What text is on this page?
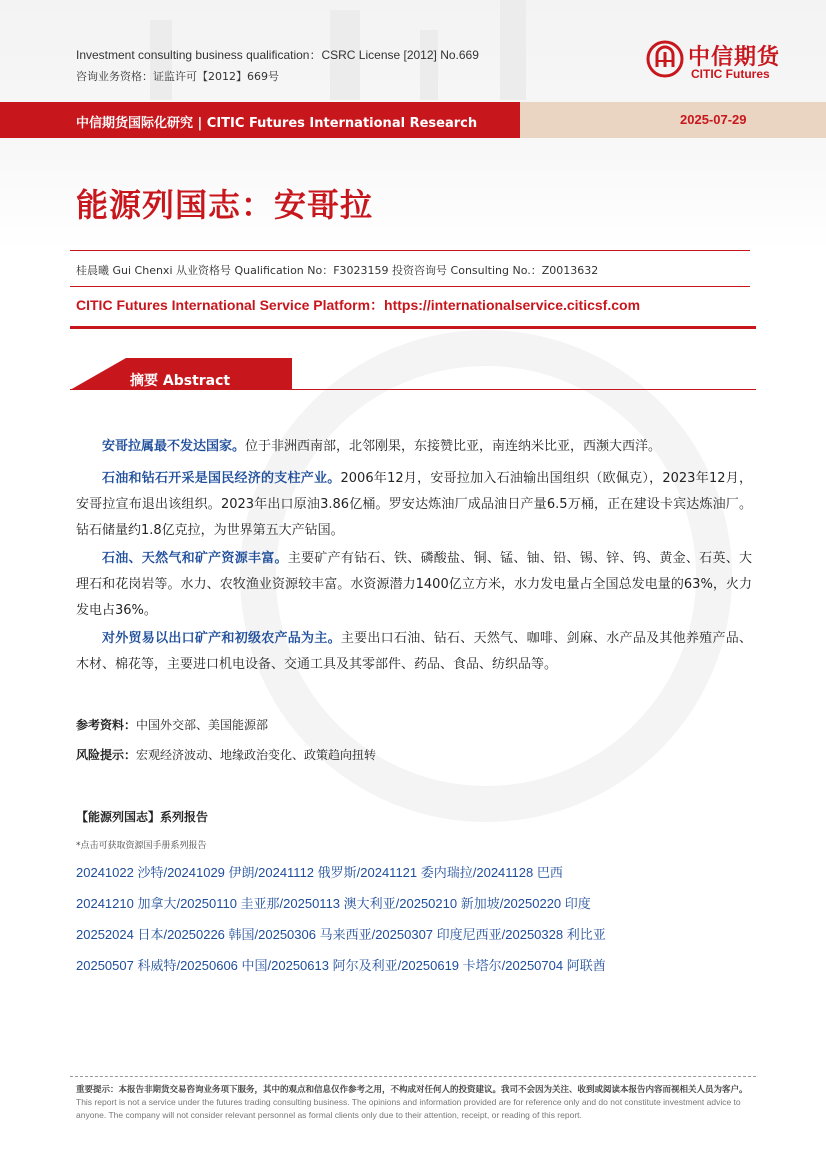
Investment consulting business qualification：CSRC License [2012] No.669
咨询业务资格：证监许可【2012】669号
中信期货
CITIC Futures
中信期货国际化研究 | CITIC Futures International Research	2025-07-29
能源列国志：安哥拉
桂晨曦 Gui Chenxi 从业资格号 Qualification No：F3023159 投资咨询号 Consulting No.：Z0013632
CITIC Futures International Service Platform：https://internationalservice.citicsf.com
摘要 Abstract
安哥拉属最不发达国家。位于非洲西南部，北邻刚果，东接赞比亚，南连纳米比亚，西濒大西洋。
石油和钻石开采是国民经济的支柱产业。2006年12月，安哥拉加入石油输出国组织（欧佩克），2023年12月，安哥拉宣布退出该组织。2023年出口原油3.86亿桶。罗安达炼油厂成品油日产量6.5万桶，正在建设卡宾达炼油厂。钻石储量约1.8亿克拉，为世界第五大产钻国。
石油、天然气和矿产资源丰富。主要矿产有钻石、铁、磷酸盐、铜、锰、铀、铅、锡、锌、钨、黄金、石英、大理石和花岗岩等。水力、农牧渔业资源较丰富。水资源潜力1400亿立方米，水力发电量占全国总发电量的63%，火力发电占36%。
对外贸易以出口矿产和初级农产品为主。主要出口石油、钻石、天然气、咖啡、剑麻、水产品及其他养殖产品、木材、棉花等，主要进口机电设备、交通工具及其零部件、药品、食品、纺织品等。
参考资料：中国外交部、美国能源部
风险提示：宏观经济波动、地缘政治变化、政策趋向扭转
【能源列国志】系列报告
*点击可获取资源国手册系列报告
20241022 沙特/20241029 伊朗/20241112 俄罗斯/20241121 委内瑞拉/20241128 巴西
20241210 加拿大/20250110 圭亚那/20250113 澳大利亚/20250210 新加坡/20250220 印度
20252024 日本/20250226 韩国/20250306 马来西亚/20250307 印度尼西亚/20250328 利比亚
20250507 科威特/20250606 中国/20250613 阿尔及利亚/20250619 卡塔尔/20250704 阿联酋
重要提示：本报告非期货交易咨询业务项下服务，其中的观点和信息仅作参考之用，不构成对任何人的投资建议。我司不会因为关注、收到或阅读本报告内容而视相关人员为客户。 This report is not a service under the futures trading consulting business. The opinions and information provided are for reference only and do not constitute investment advice to anyone. The company will not consider relevant personnel as formal clients only due to their attention, receipt, or reading of this report.
